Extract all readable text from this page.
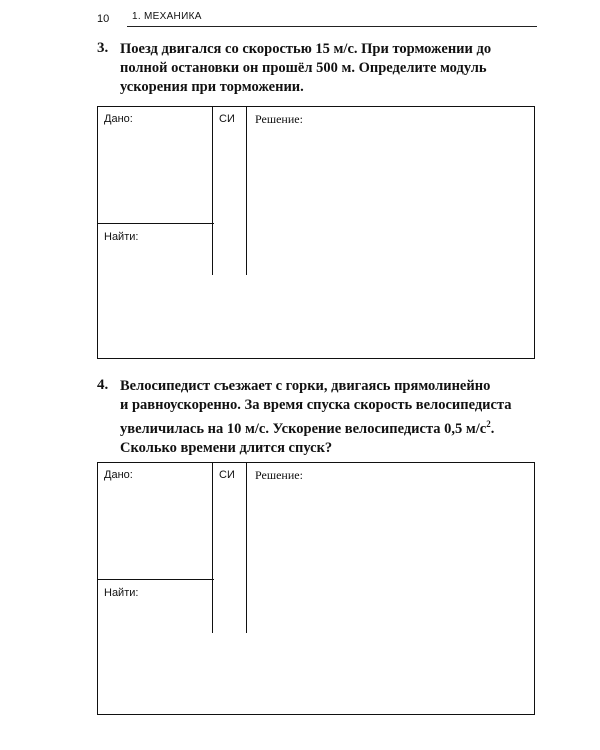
10 1. МЕХАНИКА
3. Поезд двигался со скоростью 15 м/с. При торможении до
полной остановки он прошёл 500 м. Определите модуль
ускорения при торможении.
Дано:	СИ Решение:
Найти:
4. Велосипедист съезжает с горки, двигаясь прямолинейно
и равноускоренно. За время спуска скорость велосипедиста
увеличилась на 10 м/с. Ускорение велосипедиста 0,5 $м/с^2$.
Сколько времени длится спуск?
Дано:	СИ Решение:
Найти:
